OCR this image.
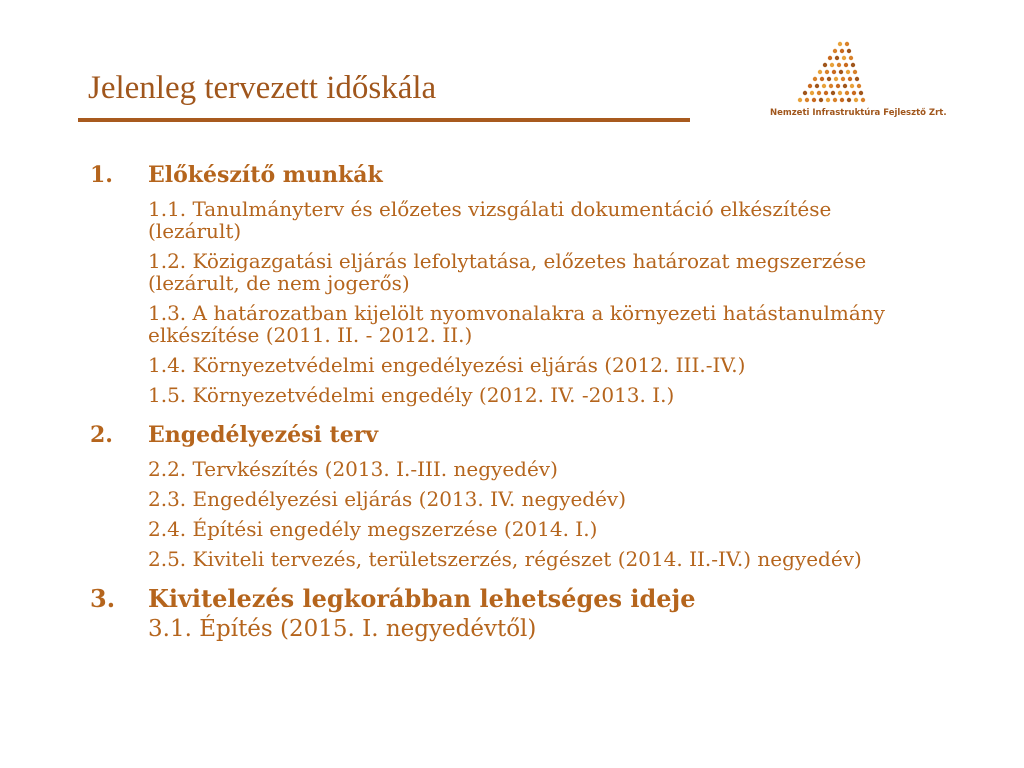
Jelenleg tervezett időskála
Nemzeti Infrastruktúra Fejlesztő Zrt.
1.	Előkészítő munkák
1.1. Tanulmányterv és előzetes vizsgálati dokumentáció elkészítése (lezárult)
1.2. Közigazgatási eljárás lefolytatása, előzetes határozat megszerzése (lezárult, de nem jogerős)
1.3. A határozatban kijelölt nyomvonalakra a környezeti hatástanulmány elkészítése (2011. II. - 2012. II.)
1.4. Környezetvédelmi engedélyezési eljárás (2012. III.-IV.)
1.5. Környezetvédelmi engedély (2012. IV. -2013. I.)
2.	Engedélyezési terv
2.2. Tervkészítés (2013. I.-III. negyedév)
2.3. Engedélyezési eljárás (2013. IV. negyedév)
2.4. Építési engedély megszerzése (2014. I.)
2.5. Kiviteli tervezés, területszerzés, régészet (2014. II.-IV.) negyedév)
3.	Kivitelezés legkorábban lehetséges ideje
3.1. Építés (2015. I. negyedévtől)
